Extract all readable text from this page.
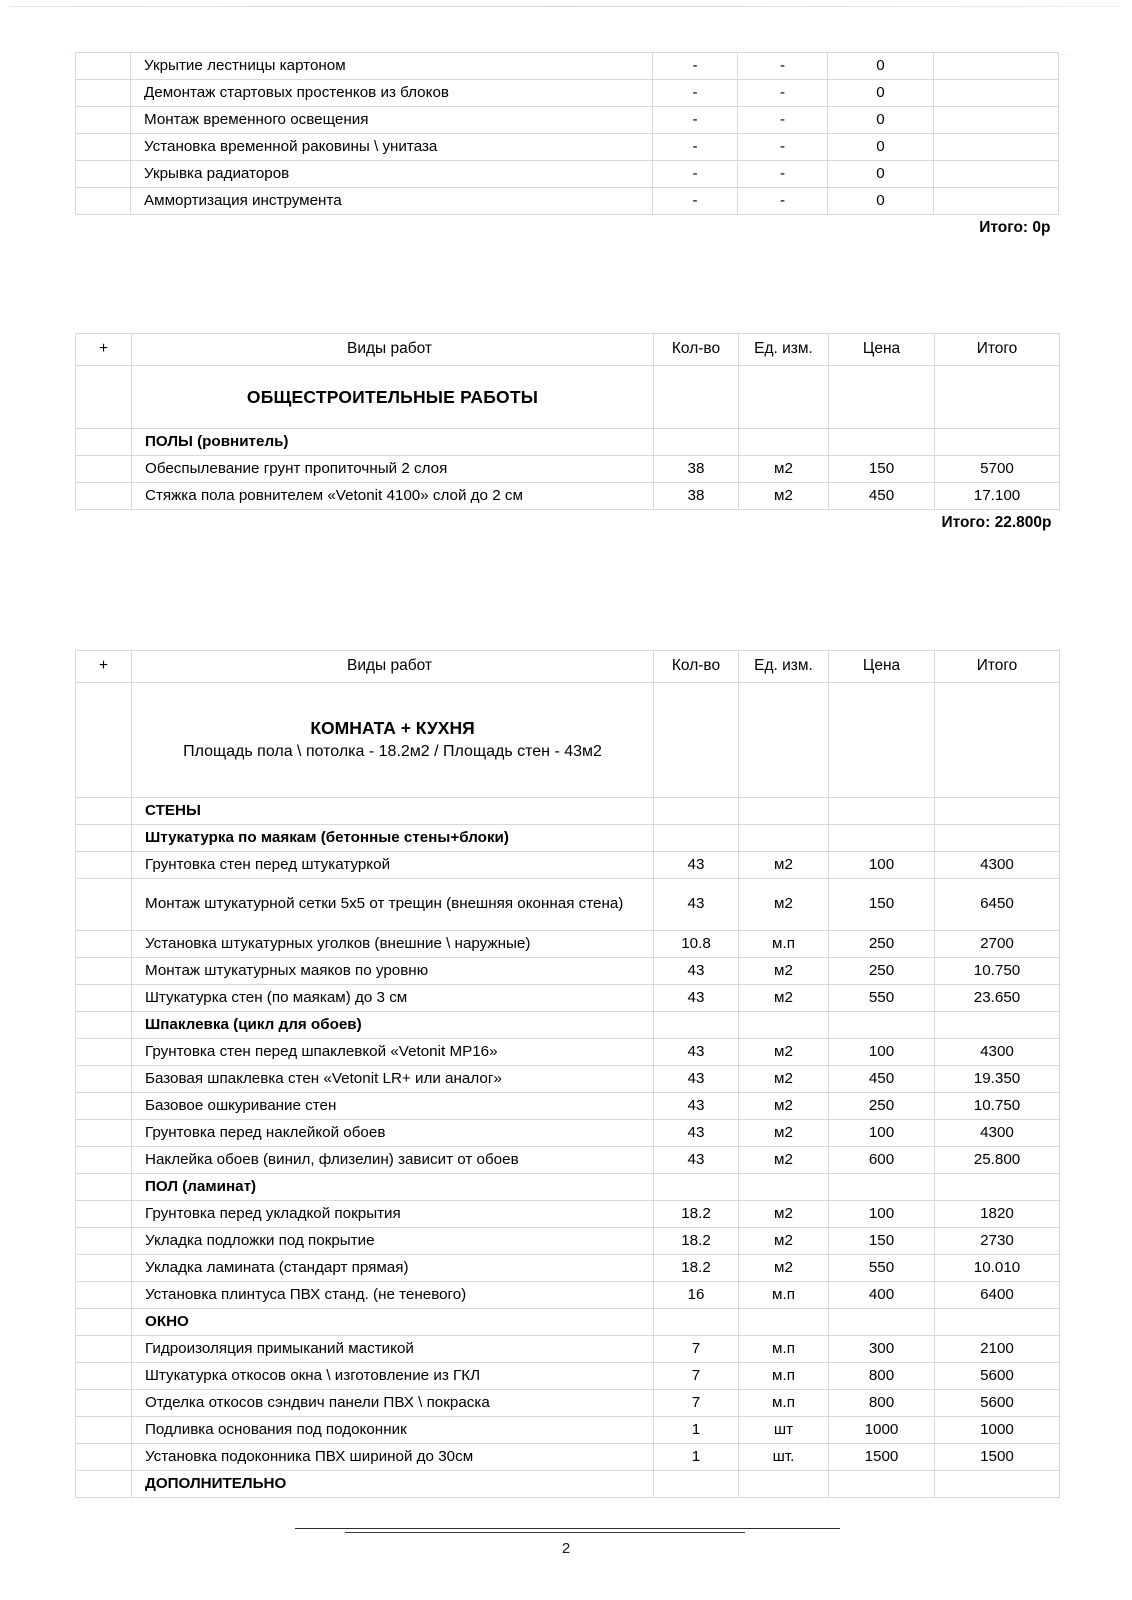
	Укрытие лестницы картоном	-	-	0	
	Демонтаж стартовых простенков из блоков	-	-	0	
	Монтаж временного освещения	-	-	0	
	Установка временной раковины \ унитаза	-	-	0	
	Укрывка радиаторов	-	-	0	
	Аммортизация инструмента	-	-	0	

			Итого: 0р		
+	Виды работ	Кол-во	Ед. изм.	Цена	Итого
	ОБЩЕСТРОИТЕЛЬНЫЕ РАБОТЫ				
	ПОЛЫ (ровнитель)				
	Обеспылевание грунт пропиточный 2 слоя	38	м2	150	5700
	Стяжка пола ровнителем «Vetonit 4100» слой до 2 см	38	м2	450	17.100

			Итого: 22.800р		
+	Виды работ	Кол-во	Ед. изм.	Цена	Итого

	КОМНАТА + КУХНЯ
Площадь пола \ потолка - 18.2м2 / Площадь стен - 43м2				

	СТЕНЫ				
	Штукатурка по маякам (бетонные стены+блоки)				
	Грунтовка стен перед штукатуркой	43	м2	100	4300
	Монтаж штукатурной сетки 5х5 от трещин (внешняя оконная стена)	43	м2	150	6450
	Установка штукатурных уголков (внешние \ наружные)	10.8	м.п	250	2700
	Монтаж штукатурных маяков по уровню	43	м2	250	10.750
	Штукатурка стен (по маякам) до 3 см	43	м2	550	23.650
	Шпаклевка (цикл для обоев)				
	Грунтовка стен перед шпаклевкой «Vetonit MP16»	43	м2	100	4300
	Базовая шпаклевка стен «Vetonit LR+ или аналог»	43	м2	450	19.350
	Базовое ошкуривание стен	43	м2	250	10.750
	Грунтовка перед наклейкой обоев	43	м2	100	4300
	Наклейка обоев (винил, флизелин) зависит от обоев	43	м2	600	25.800
	ПОЛ (ламинат)				
	Грунтовка перед укладкой покрытия	18.2	м2	100	1820
	Укладка подложки под покрытие	18.2	м2	150	2730
	Укладка ламината (стандарт прямая)	18.2	м2	550	10.010
	Установка плинтуса ПВХ станд. (не теневого)	16	м.п	400	6400
	ОКНО				
	Гидроизоляция примыканий мастикой	7	м.п	300	2100
	Штукатурка откосов окна \ изготовление из ГКЛ	7	м.п	800	5600
	Отделка откосов сэндвич панели ПВХ \ покраска	7	м.п	800	5600
	Подливка основания под подоконник	1	шт	1000	1000
	Установка подоконника ПВХ шириной до 30см	1	шт.	1500	1500
	ДОПОЛНИТЕЛЬНО				
2
